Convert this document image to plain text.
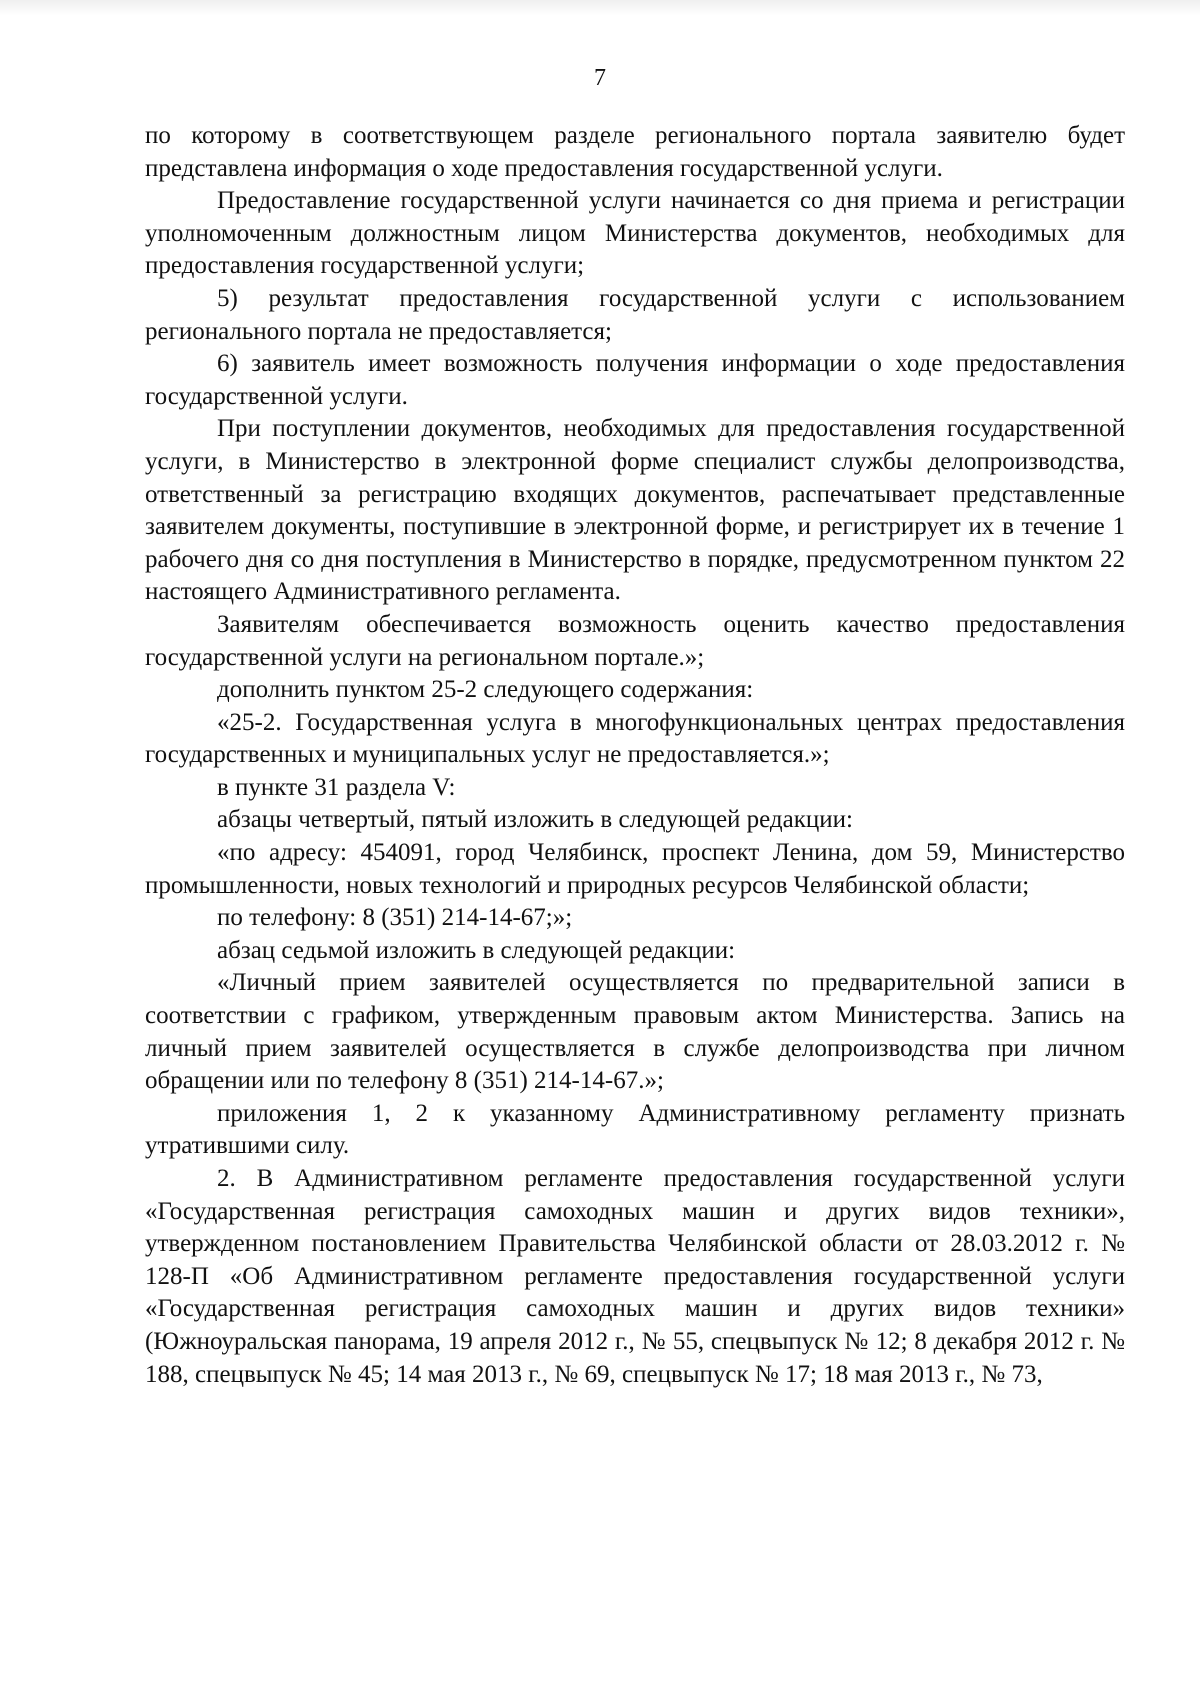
7

по которому в соответствующем разделе регионального портала заявителю будет представлена информация о ходе предоставления государственной услуги.

Предоставление государственной услуги начинается со дня приема и регистрации уполномоченным должностным лицом Министерства документов, необходимых для предоставления государственной услуги;

5) результат предоставления государственной услуги с использованием регионального портала не предоставляется;

6) заявитель имеет возможность получения информации о ходе предоставления государственной услуги.

При поступлении документов, необходимых для предоставления государственной услуги, в Министерство в электронной форме специалист службы делопроизводства, ответственный за регистрацию входящих документов, распечатывает представленные заявителем документы, поступившие в электронной форме, и регистрирует их в течение 1 рабочего дня со дня поступления в Министерство в порядке, предусмотренном пунктом 22 настоящего Административного регламента.

Заявителям обеспечивается возможность оценить качество предоставления государственной услуги на региональном портале.»;

дополнить пунктом 25-2 следующего содержания:

«25-2. Государственная услуга в многофункциональных центрах предоставления государственных и муниципальных услуг не предоставляется.»;

в пункте 31 раздела V:

абзацы четвертый, пятый изложить в следующей редакции:

«по адресу: 454091, город Челябинск, проспект Ленина, дом 59, Министерство промышленности, новых технологий и природных ресурсов Челябинской области;

по телефону: 8 (351) 214-14-67;»;

абзац седьмой изложить в следующей редакции:

«Личный прием заявителей осуществляется по предварительной записи в соответствии с графиком, утвержденным правовым актом Министерства. Запись на личный прием заявителей осуществляется в службе делопроизводства при личном обращении или по телефону 8 (351) 214-14-67.»;

приложения 1, 2 к указанному Административному регламенту признать утратившими силу.

2. В Административном регламенте предоставления государственной услуги «Государственная регистрация самоходных машин и других видов техники», утвержденном постановлением Правительства Челябинской области от 28.03.2012 г. № 128-П «Об Административном регламенте предоставления государственной услуги «Государственная регистрация самоходных машин и других видов техники» (Южноуральская панорама, 19 апреля 2012 г., № 55, спецвыпуск № 12; 8 декабря 2012 г. № 188, спецвыпуск № 45; 14 мая 2013 г., № 69, спецвыпуск № 17; 18 мая 2013 г., № 73,
